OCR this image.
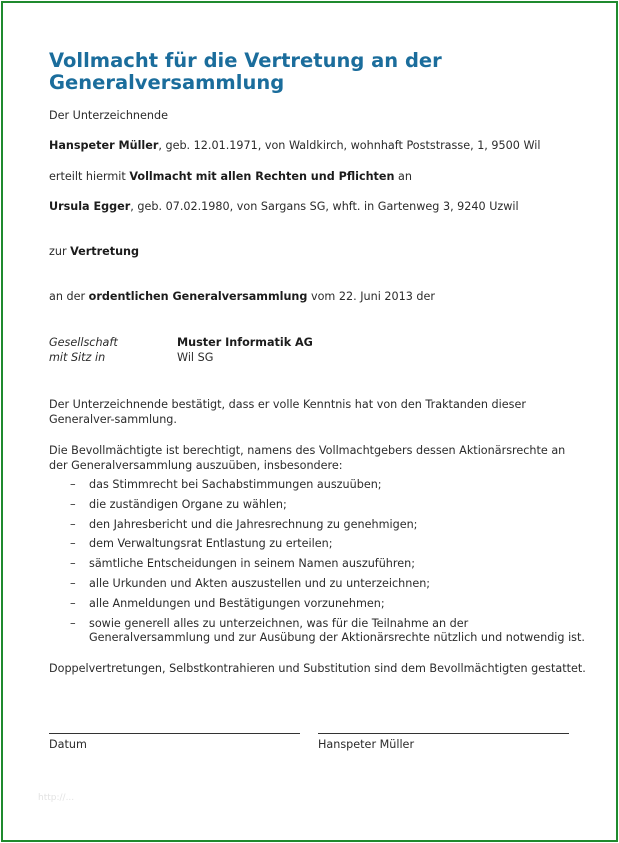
Vollmacht für die Vertretung an der Generalversammlung
Der Unterzeichnende
Hanspeter Müller, geb. 12.01.1971, von Waldkirch, wohnhaft Poststrasse, 1, 9500 Wil
erteilt hiermit Vollmacht mit allen Rechten und Pflichten an
Ursula Egger, geb. 07.02.1980, von Sargans SG, whft. in Gartenweg 3, 9240 Uzwil
zur Vertretung
an der ordentlichen Generalversammlung vom 22. Juni 2013 der
Gesellschaft	Muster Informatik AG
mit Sitz in	Wil SG
Der Unterzeichnende bestätigt, dass er volle Kenntnis hat von den Traktanden dieser Generalver-sammlung.
Die Bevollmächtigte ist berechtigt, namens des Vollmachtgebers dessen Aktionärsrechte an der Generalversammlung auszuüben, insbesondere:
– das Stimmrecht bei Sachabstimmungen auszuüben;
– die zuständigen Organe zu wählen;
– den Jahresbericht und die Jahresrechnung zu genehmigen;
– dem Verwaltungsrat Entlastung zu erteilen;
– sämtliche Entscheidungen in seinem Namen auszuführen;
– alle Urkunden und Akten auszustellen und zu unterzeichnen;
– alle Anmeldungen und Bestätigungen vorzunehmen;
– sowie generell alles zu unterzeichnen, was für die Teilnahme an der Generalversammlung und zur Ausübung der Aktionärsrechte nützlich und notwendig ist.
Doppelvertretungen, Selbstkontrahieren und Substitution sind dem Bevollmächtigten gestattet.
Datum	Hanspeter Müller
http://...
